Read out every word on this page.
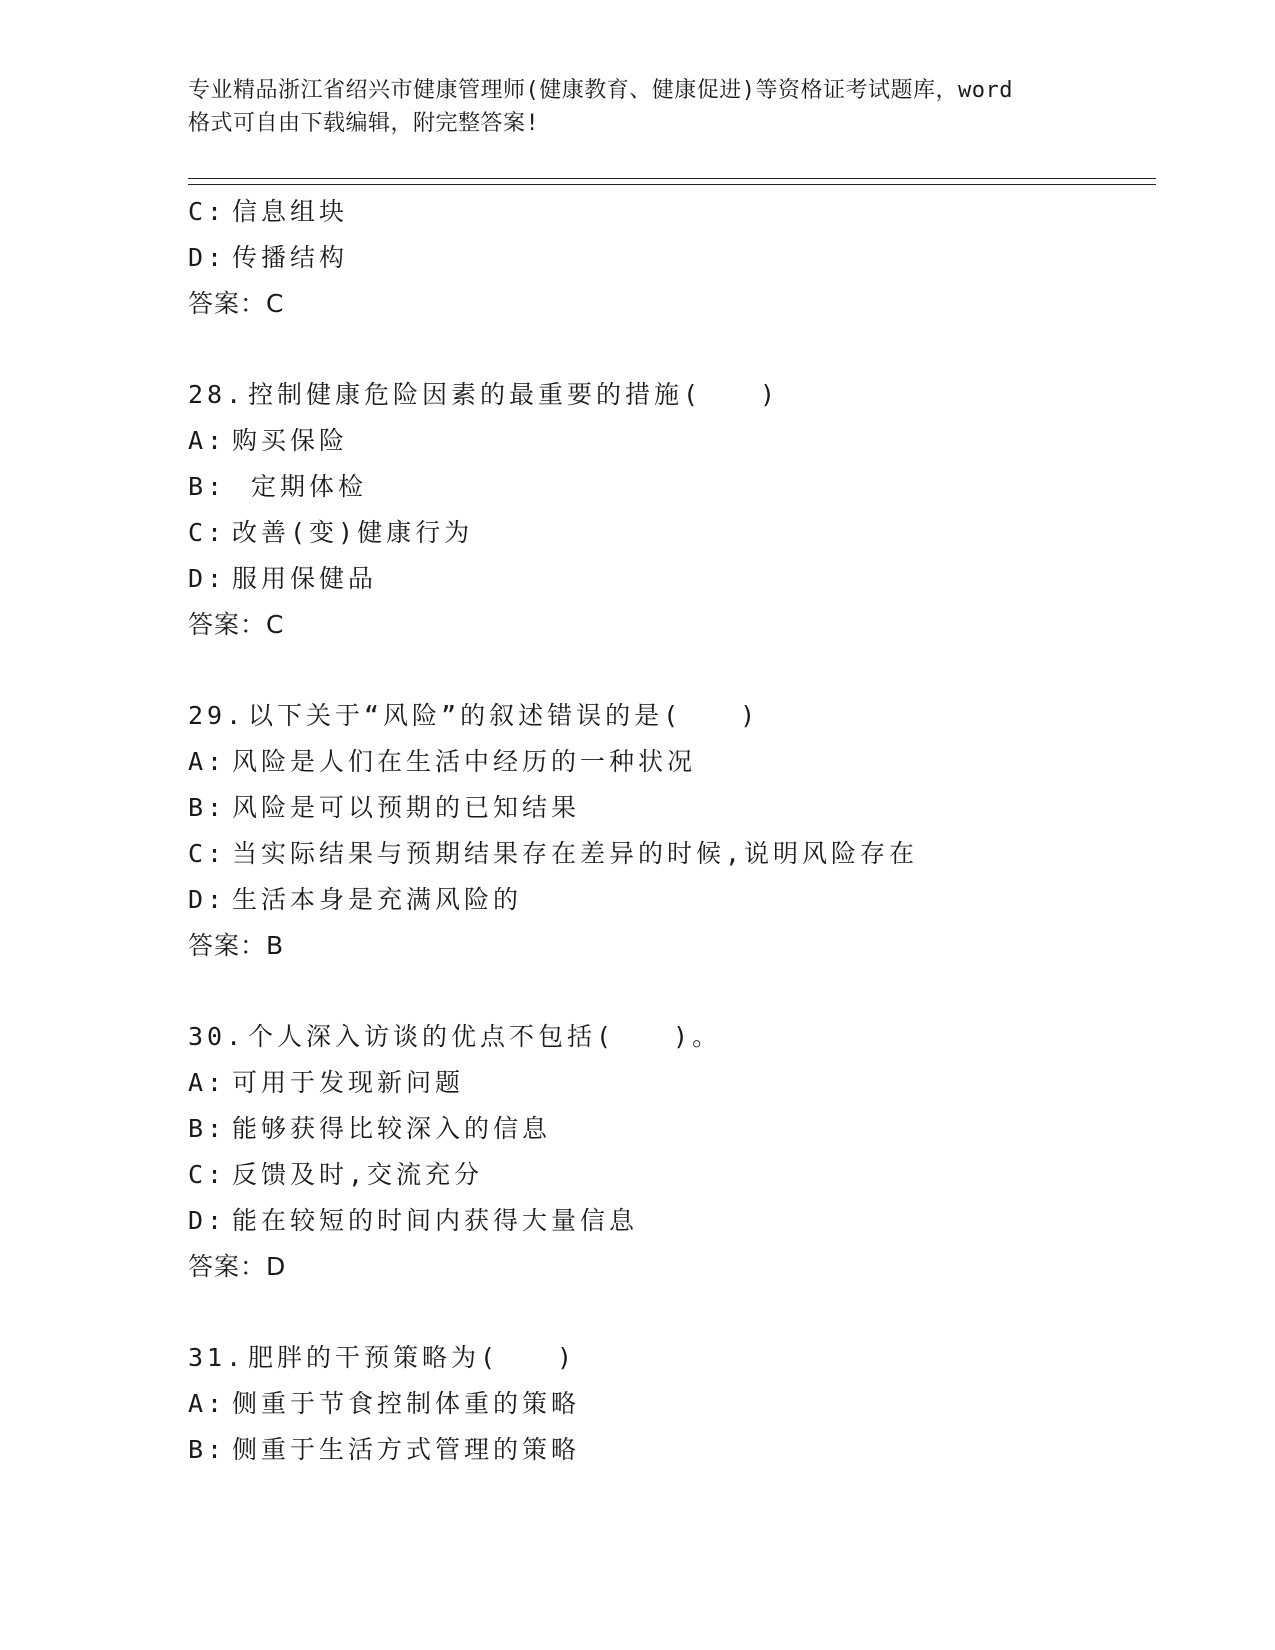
专业精品浙江省绍兴市健康管理师(健康教育、健康促进)等资格证考试题库，word
格式可自由下载编辑，附完整答案!
C: 信息组块
D: 传播结构
答案：C
28. 控制健康危险因素的最重要的措施(　　)
A: 购买保险
B: 定期体检
C: 改善(变)健康行为
D: 服用保健品
答案：C
29. 以下关于“风险”的叙述错误的是(　　)
A: 风险是人们在生活中经历的一种状况
B: 风险是可以预期的已知结果
C: 当实际结果与预期结果存在差异的时候,说明风险存在
D: 生活本身是充满风险的
答案：B
30. 个人深入访谈的优点不包括(　　)。
A: 可用于发现新问题
B: 能够获得比较深入的信息
C: 反馈及时,交流充分
D: 能在较短的时间内获得大量信息
答案：D
31. 肥胖的干预策略为(　　)
A: 侧重于节食控制体重的策略
B: 侧重于生活方式管理的策略
